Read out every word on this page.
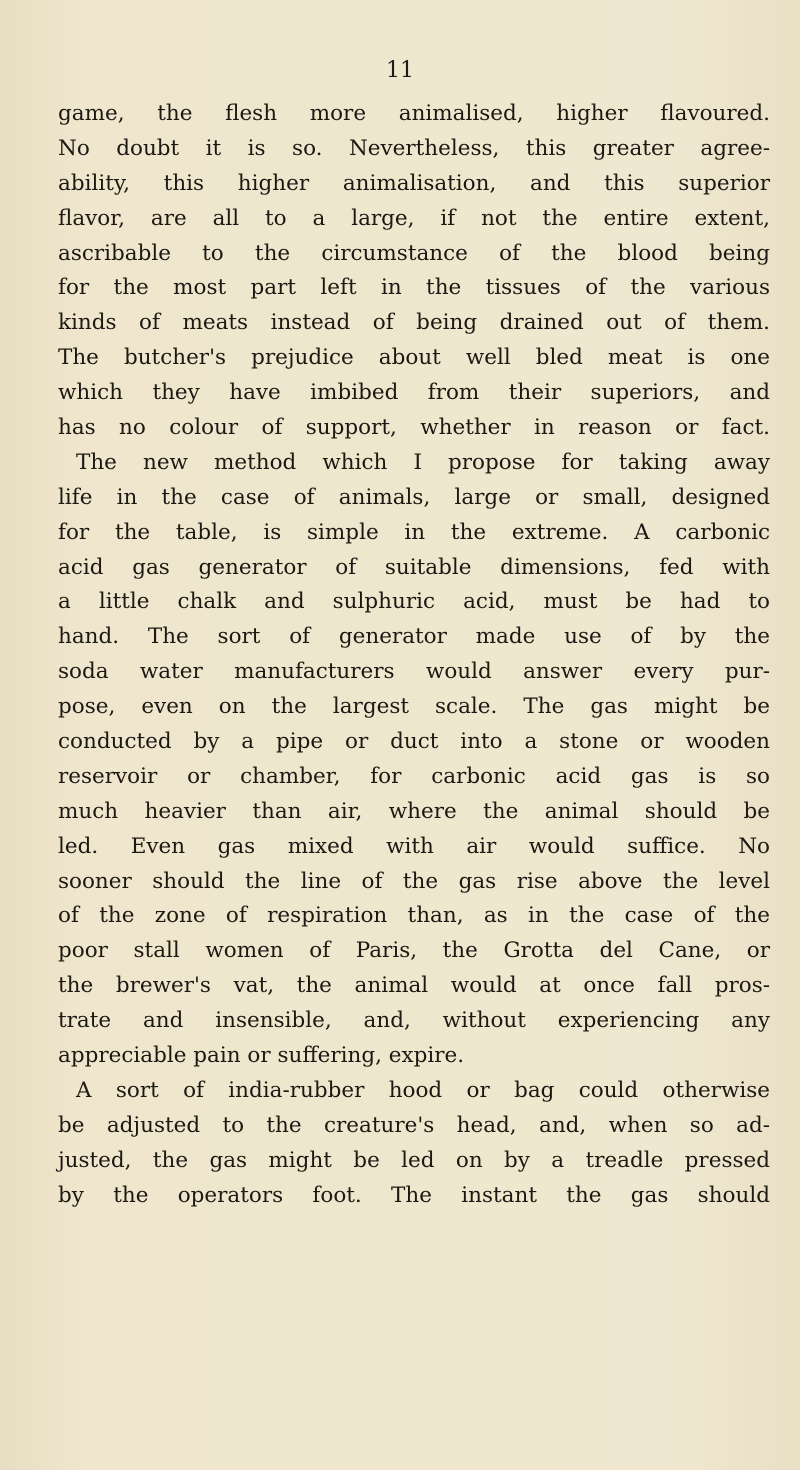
11
game, the flesh more animalised, higher flavoured.
No doubt it is so. Nevertheless, this greater agree-
ability, this higher animalisation, and this superior
flavor, are all to a large, if not the entire extent,
ascribable to the circumstance of the blood being
for the most part left in the tissues of the various
kinds of meats instead of being drained out of them.
The butcher's prejudice about well bled meat is one
which they have imbibed from their superiors, and
has no colour of support, whether in reason or fact.
The new method which I propose for taking away
life in the case of animals, large or small, designed
for the table, is simple in the extreme. A carbonic
acid gas generator of suitable dimensions, fed with
a little chalk and sulphuric acid, must be had to
hand. The sort of generator made use of by the
soda water manufacturers would answer every pur-
pose, even on the largest scale. The gas might be
conducted by a pipe or duct into a stone or wooden
reservoir or chamber, for carbonic acid gas is so
much heavier than air, where the animal should be
led. Even gas mixed with air would suffice. No
sooner should the line of the gas rise above the level
of the zone of respiration than, as in the case of the
poor stall women of Paris, the Grotta del Cane, or
the brewer's vat, the animal would at once fall pros-
trate and insensible, and, without experiencing any
appreciable pain or suffering, expire.
A sort of india-rubber hood or bag could otherwise
be adjusted to the creature's head, and, when so ad-
justed, the gas might be led on by a treadle pressed
by the operators foot. The instant the gas should
